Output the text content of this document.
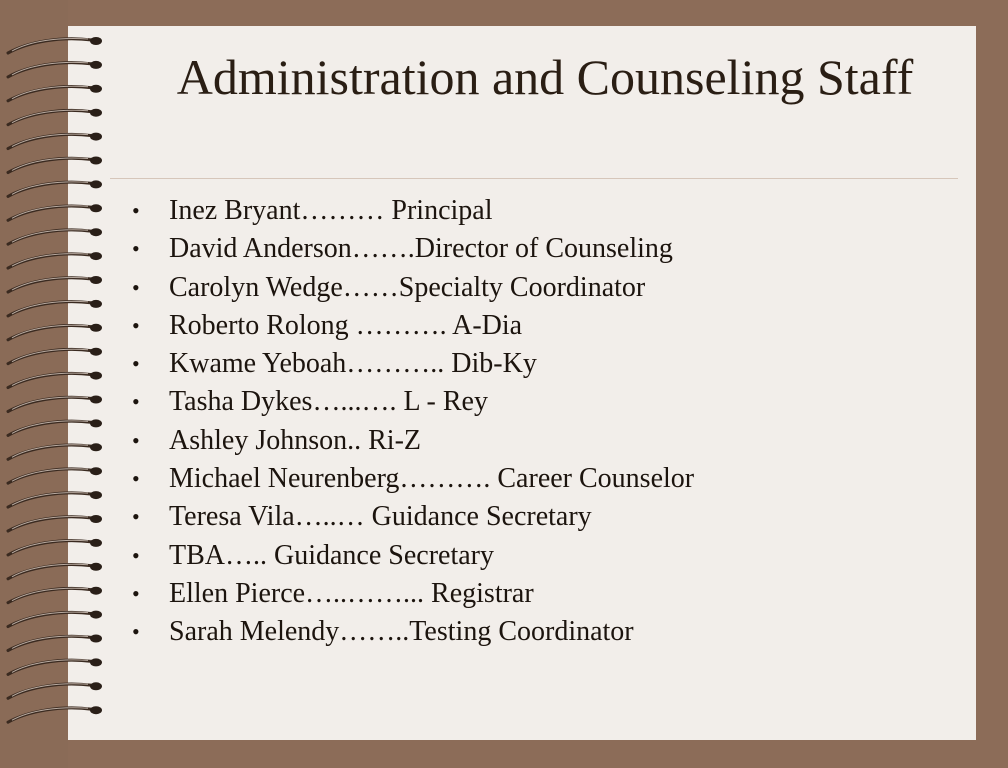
Administration and Counseling Staff
• Inez Bryant……… Principal
• David Anderson…….Director of Counseling
• Carolyn Wedge……Specialty Coordinator
• Roberto Rolong ………. A-Dia
• Kwame Yeboah……….. Dib-Ky
• Tasha Dykes…...…. L - Rey
• Ashley Johnson.. Ri-Z
• Michael Neurenberg………. Career Counselor
• Teresa Vila…..… Guidance Secretary
• TBA….. Guidance Secretary
• Ellen Pierce…..……... Registrar
• Sarah Melendy……..Testing Coordinator
